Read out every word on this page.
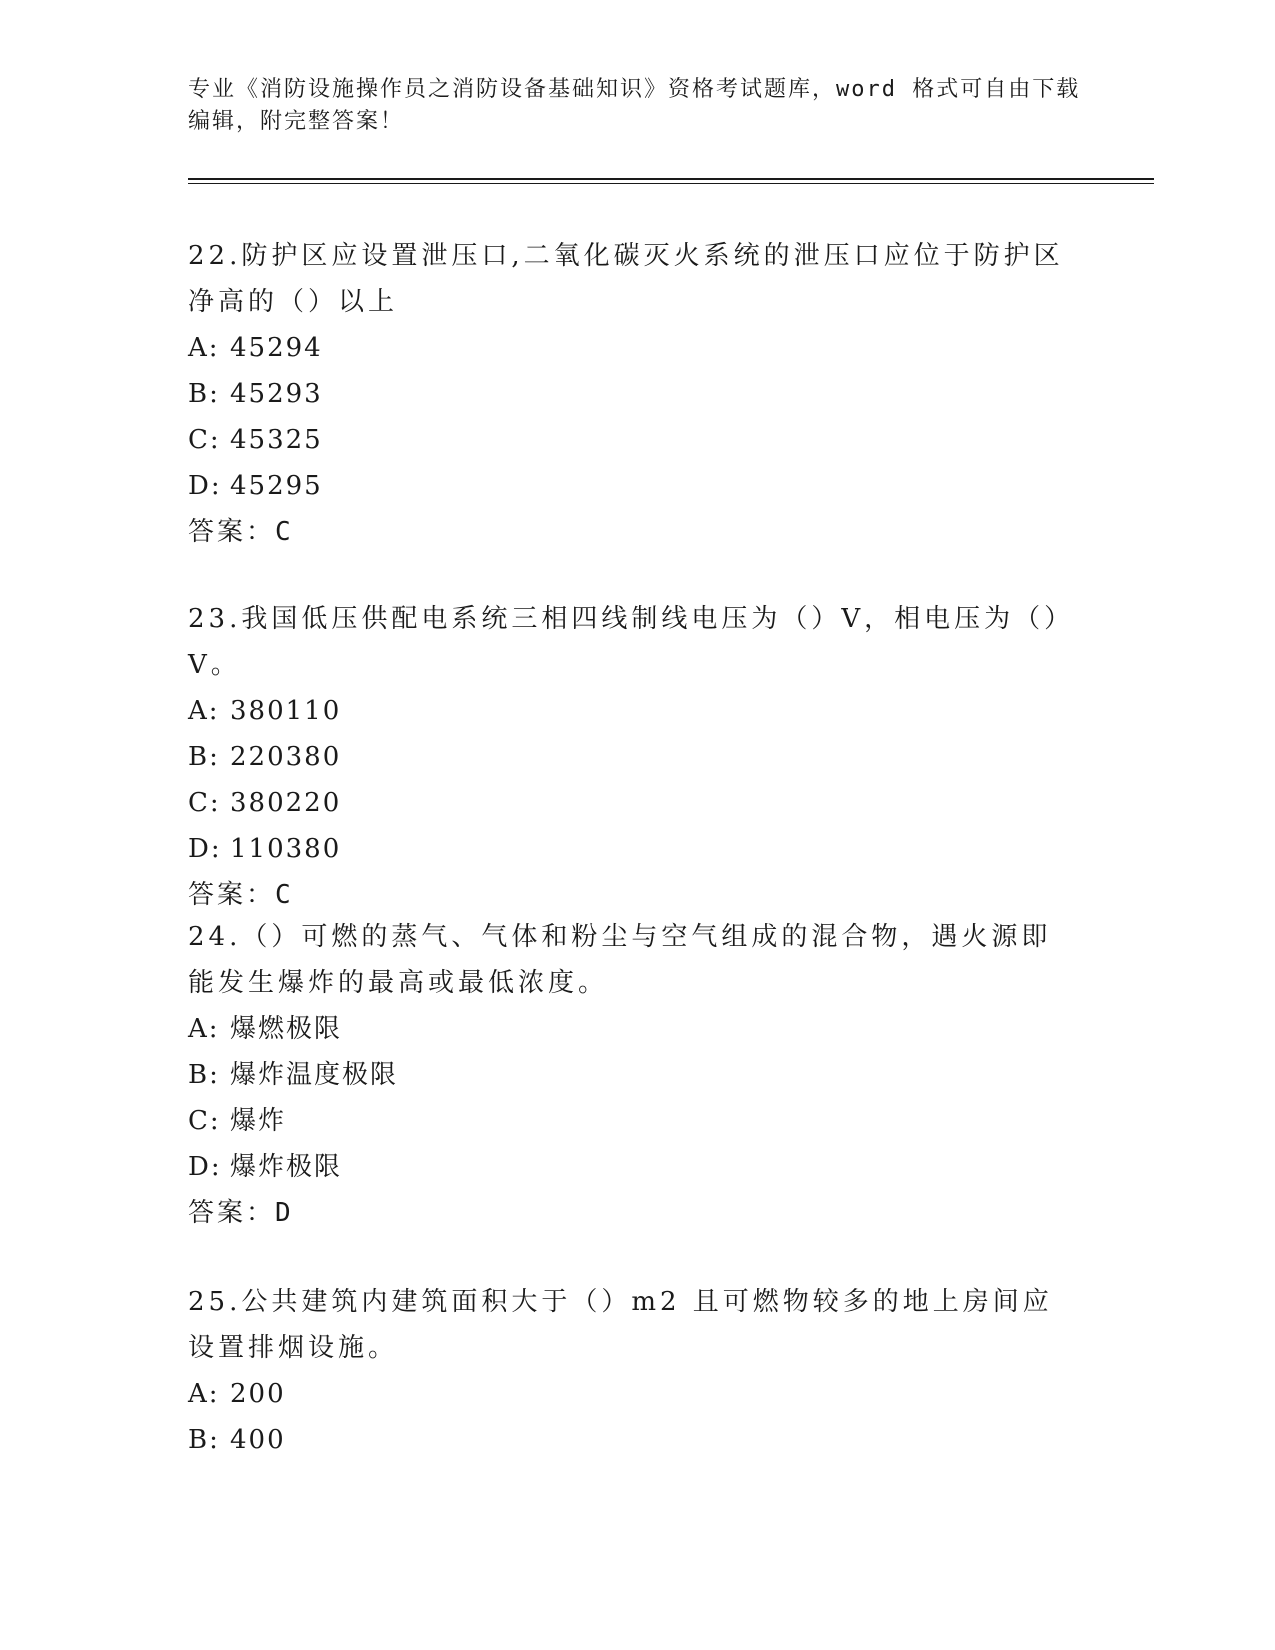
专业《消防设施操作员之消防设备基础知识》资格考试题库，word 格式可自由下载编辑，附完整答案！

22.防护区应设置泄压口,二氧化碳灭火系统的泄压口应位于防护区净高的（）以上

A: 45294

B: 45293

C: 45325

D: 45295

答案：C

23.我国低压供配电系统三相四线制线电压为（）V，相电压为（）V。

A: 380110

B: 220380

C: 380220

D: 110380

答案：C

24.（）可燃的蒸气、气体和粉尘与空气组成的混合物，遇火源即能发生爆炸的最高或最低浓度。

A: 爆燃极限

B: 爆炸温度极限

C: 爆炸

D: 爆炸极限

答案：D

25.公共建筑内建筑面积大于（）m2 且可燃物较多的地上房间应设置排烟设施。

A: 200

B: 400
